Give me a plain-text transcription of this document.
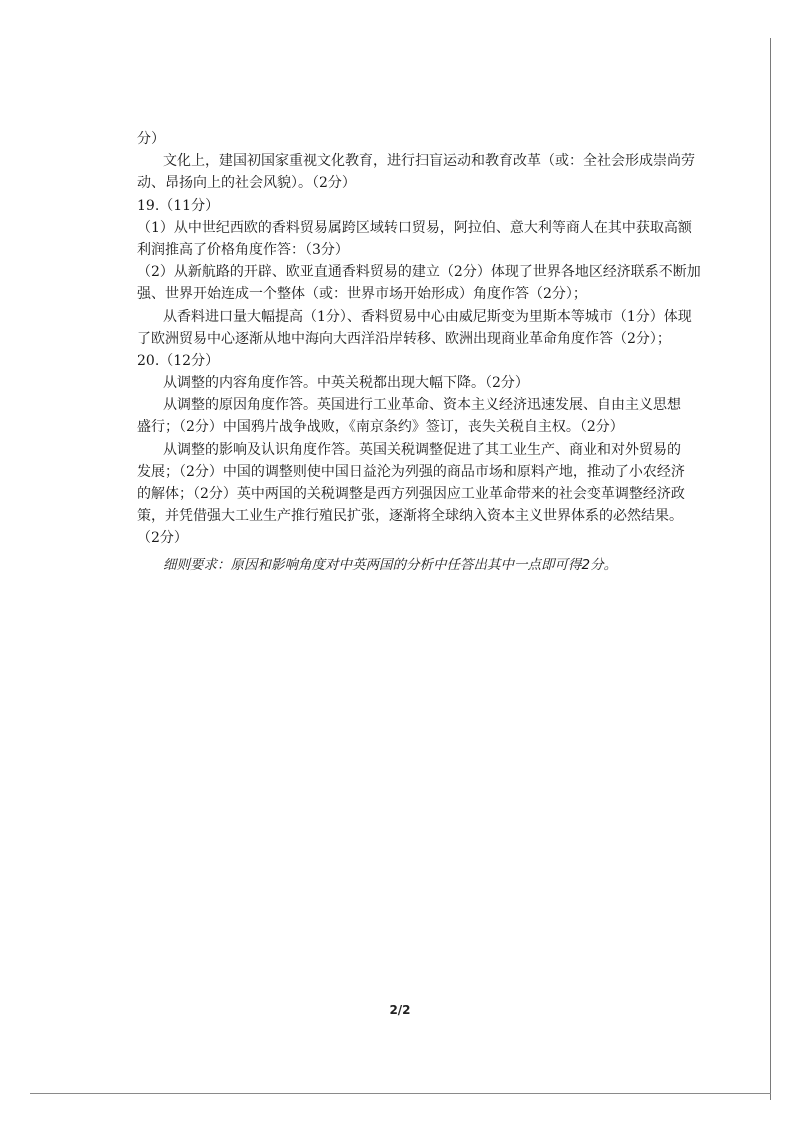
分）
文化上，建国初国家重视文化教育，进行扫盲运动和教育改革（或：全社会形成崇尚劳
动、昂扬向上的社会风貌）。（2分）
19.（11分）
（1）从中世纪西欧的香料贸易属跨区域转口贸易，阿拉伯、意大利等商人在其中获取高额
利润推高了价格角度作答：（3分）
（2）从新航路的开辟、欧亚直通香料贸易的建立（2分）体现了世界各地区经济联系不断加
强、世界开始连成一个整体（或：世界市场开始形成）角度作答（2分）；
从香料进口量大幅提高（1分）、香料贸易中心由威尼斯变为里斯本等城市（1分）体现
了欧洲贸易中心逐渐从地中海向大西洋沿岸转移、欧洲出现商业革命角度作答（2分）；
20.（12分）
从调整的内容角度作答。中英关税都出现大幅下降。（2分）
从调整的原因角度作答。英国进行工业革命、资本主义经济迅速发展、自由主义思想
盛行；（2分）中国鸦片战争战败，《南京条约》签订，丧失关税自主权。（2分）
从调整的影响及认识角度作答。英国关税调整促进了其工业生产、商业和对外贸易的
发展；（2分）中国的调整则使中国日益沦为列强的商品市场和原料产地，推动了小农经济
的解体；（2分）英中两国的关税调整是西方列强因应工业革命带来的社会变革调整经济政
策，并凭借强大工业生产推行殖民扩张，逐渐将全球纳入资本主义世界体系的必然结果。
（2分）
细则要求：原因和影响角度对中英两国的分析中任答出其中一点即可得2分。
2/2
